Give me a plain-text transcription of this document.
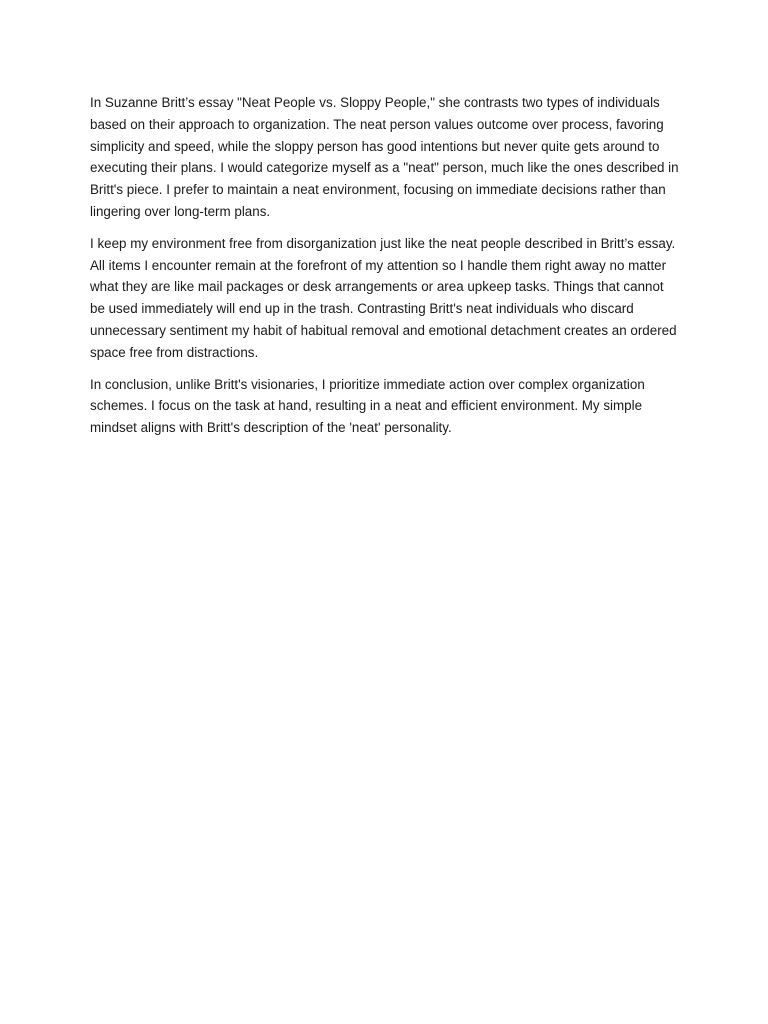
In Suzanne Britt’s essay "Neat People vs. Sloppy People," she contrasts two types of individuals based on their approach to organization. The neat person values outcome over process, favoring simplicity and speed, while the sloppy person has good intentions but never quite gets around to executing their plans. I would categorize myself as a "neat" person, much like the ones described in Britt's piece. I prefer to maintain a neat environment, focusing on immediate decisions rather than lingering over long-term plans.

I keep my environment free from disorganization just like the neat people described in Britt’s essay. All items I encounter remain at the forefront of my attention so I handle them right away no matter what they are like mail packages or desk arrangements or area upkeep tasks. Things that cannot be used immediately will end up in the trash. Contrasting Britt's neat individuals who discard unnecessary sentiment my habit of habitual removal and emotional detachment creates an ordered space free from distractions.

In conclusion, unlike Britt's visionaries, I prioritize immediate action over complex organization schemes. I focus on the task at hand, resulting in a neat and efficient environment. My simple mindset aligns with Britt's description of the 'neat' personality.
